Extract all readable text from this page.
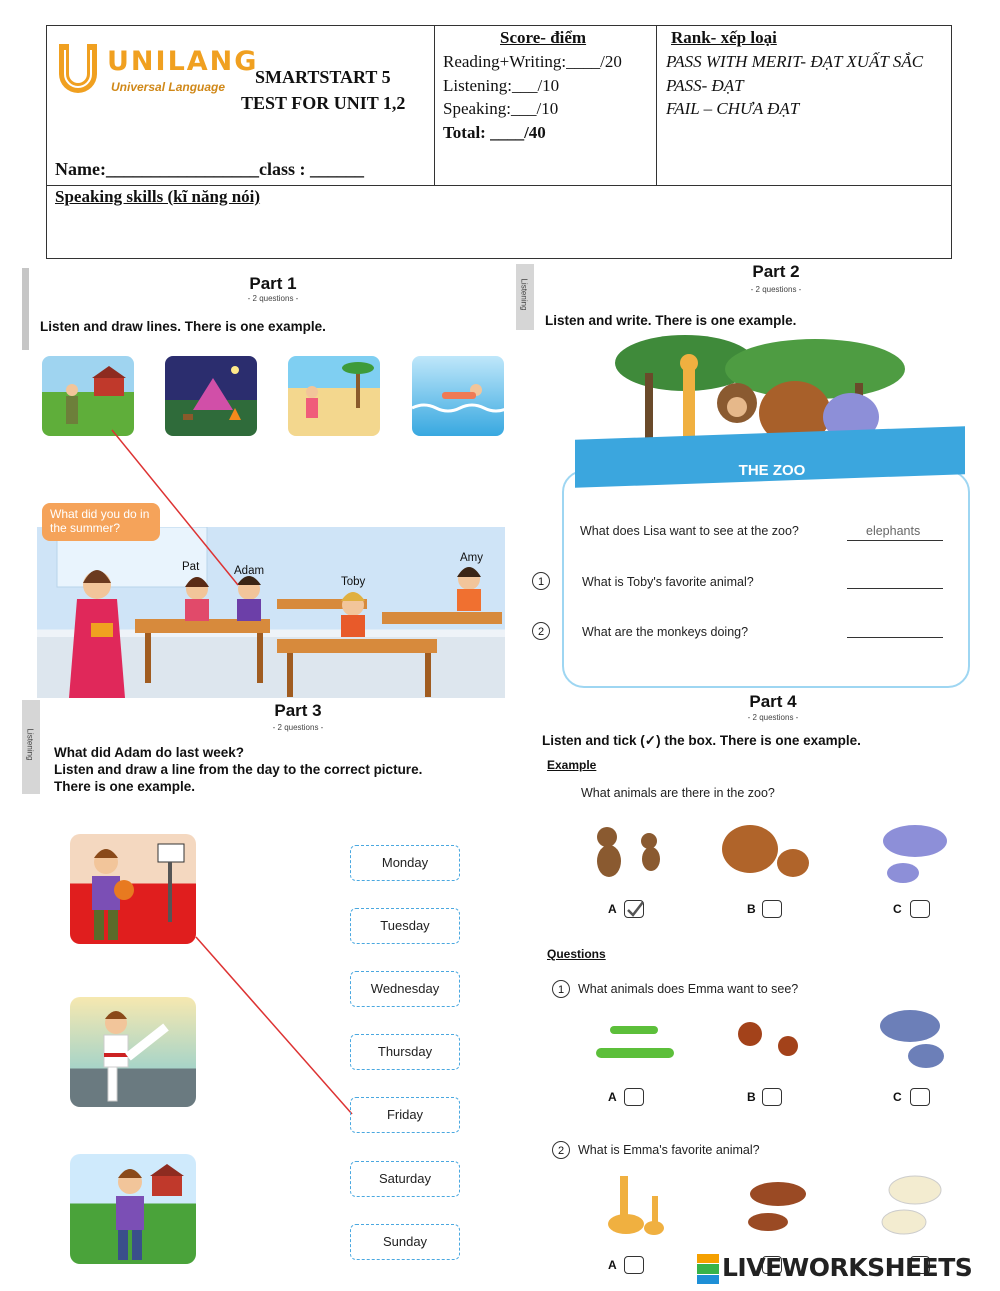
UNILANG
Universal Language SMARTSTART 5
TEST FOR UNIT 1,2
Name:_________________class : ______
Score- điểm
Reading+Writing:____/20
Listening:___/10
Speaking:___/10
Total: ____/40
Rank- xếp loại
PASS WITH MERIT- ĐẠT XUẤT SẮC
PASS- ĐẠT
FAIL – CHƯA ĐẠT
Speaking skills (kĩ năng nói)
Part 1
- 2 questions -
Listen and draw lines. There is one example.
What did you do in the summer?
Pat	Adam
Toby
Amy
Listening
Part 2
- 2 questions -
Listen and write. There is one example.
THE ZOO
What does Lisa want to see at the zoo?	elephants
1	What is Toby's favorite animal?
2	What are the monkeys doing?
Listening
Part 3
- 2 questions -
What did Adam do last week?
Listen and draw a line from the day to the correct picture.
There is one example.
Monday
Tuesday
Wednesday
Thursday
Friday
Saturday
Sunday
Part 4
- 2 questions -
Listen and tick (✓) the box. There is one example.
Example
What animals are there in the zoo?
A	B	C
Questions
1	What animals does Emma want to see?
A	B	C
2	What is Emma's favorite animal?
A	LIVEWORKSHEETS
